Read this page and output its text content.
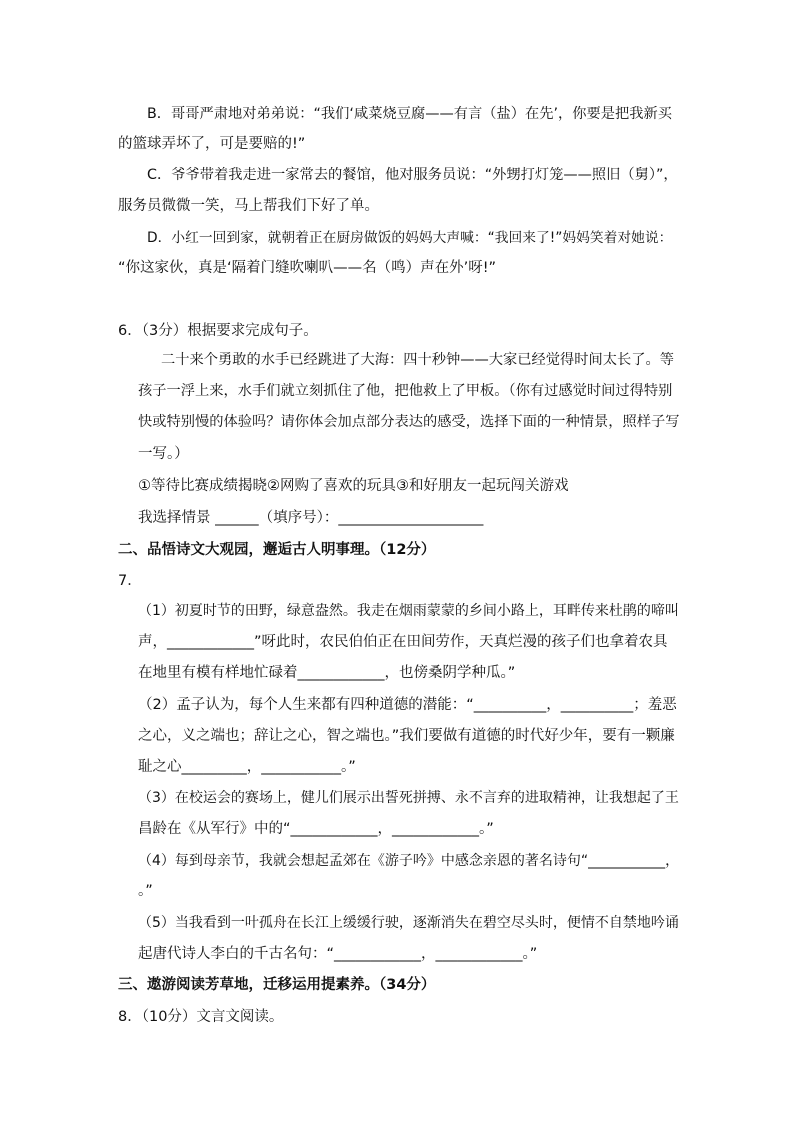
B．哥哥严肃地对弟弟说：“我们‘咸菜烧豆腐——有言（盐）在先’，你要是把我新买
的篮球弄坏了，可是要赔的!”
C．爷爷带着我走进一家常去的餐馆，他对服务员说：“外甥打灯笼——照旧（舅）”，
服务员微微一笑，马上帮我们下好了单。
D．小红一回到家，就朝着正在厨房做饭的妈妈大声喊：“我回来了!”妈妈笑着对她说：
“你这家伙，真是‘隔着门缝吹喇叭——名（鸣）声在外’呀!”
6．（3分）根据要求完成句子。
二十来个勇敢的水手已经跳进了大海：四十秒钟——大家已经觉得时间太长了。等
孩子一浮上来，水手们就立刻抓住了他，把他救上了甲板。（你有过感觉时间过得特别
快或特别慢的体验吗？请你体会加点部分表达的感受，选择下面的一种情景，照样子写
一写。）
①等待比赛成绩揭晓②网购了喜欢的玩具③和好朋友一起玩闯关游戏
我选择情景 ______（填序号）：____________________
二、品悟诗文大观园，邂逅古人明事理。（12分）
7．
（1）初夏时节的田野，绿意盎然。我走在烟雨蒙蒙的乡间小路上，耳畔传来杜鹃的啼叫
声，____________”呀此时，农民伯伯正在田间劳作，天真烂漫的孩子们也拿着农具
在地里有模有样地忙碌着____________，也傍桑阴学种瓜。”
（2）孟子认为，每个人生来都有四种道德的潜能：“__________，__________；羞恶
之心，义之端也；辞让之心，智之端也。”我们要做有道德的时代好少年，要有一颗廉
耻之心_________，___________。”
（3）在校运会的赛场上，健儿们展示出誓死拼搏、永不言弃的进取精神，让我想起了王
昌龄在《从军行》中的“____________，____________。”
（4）每到母亲节，我就会想起孟郊在《游子吟》中感念亲恩的著名诗句“___________，
。”
（5）当我看到一叶孤舟在长江上缓缓行驶，逐渐消失在碧空尽头时，便情不自禁地吟诵
起唐代诗人李白的千古名句：“____________，____________。”
三、遨游阅读芳草地，迁移运用提素养。（34分）
8．（10分）文言文阅读。
